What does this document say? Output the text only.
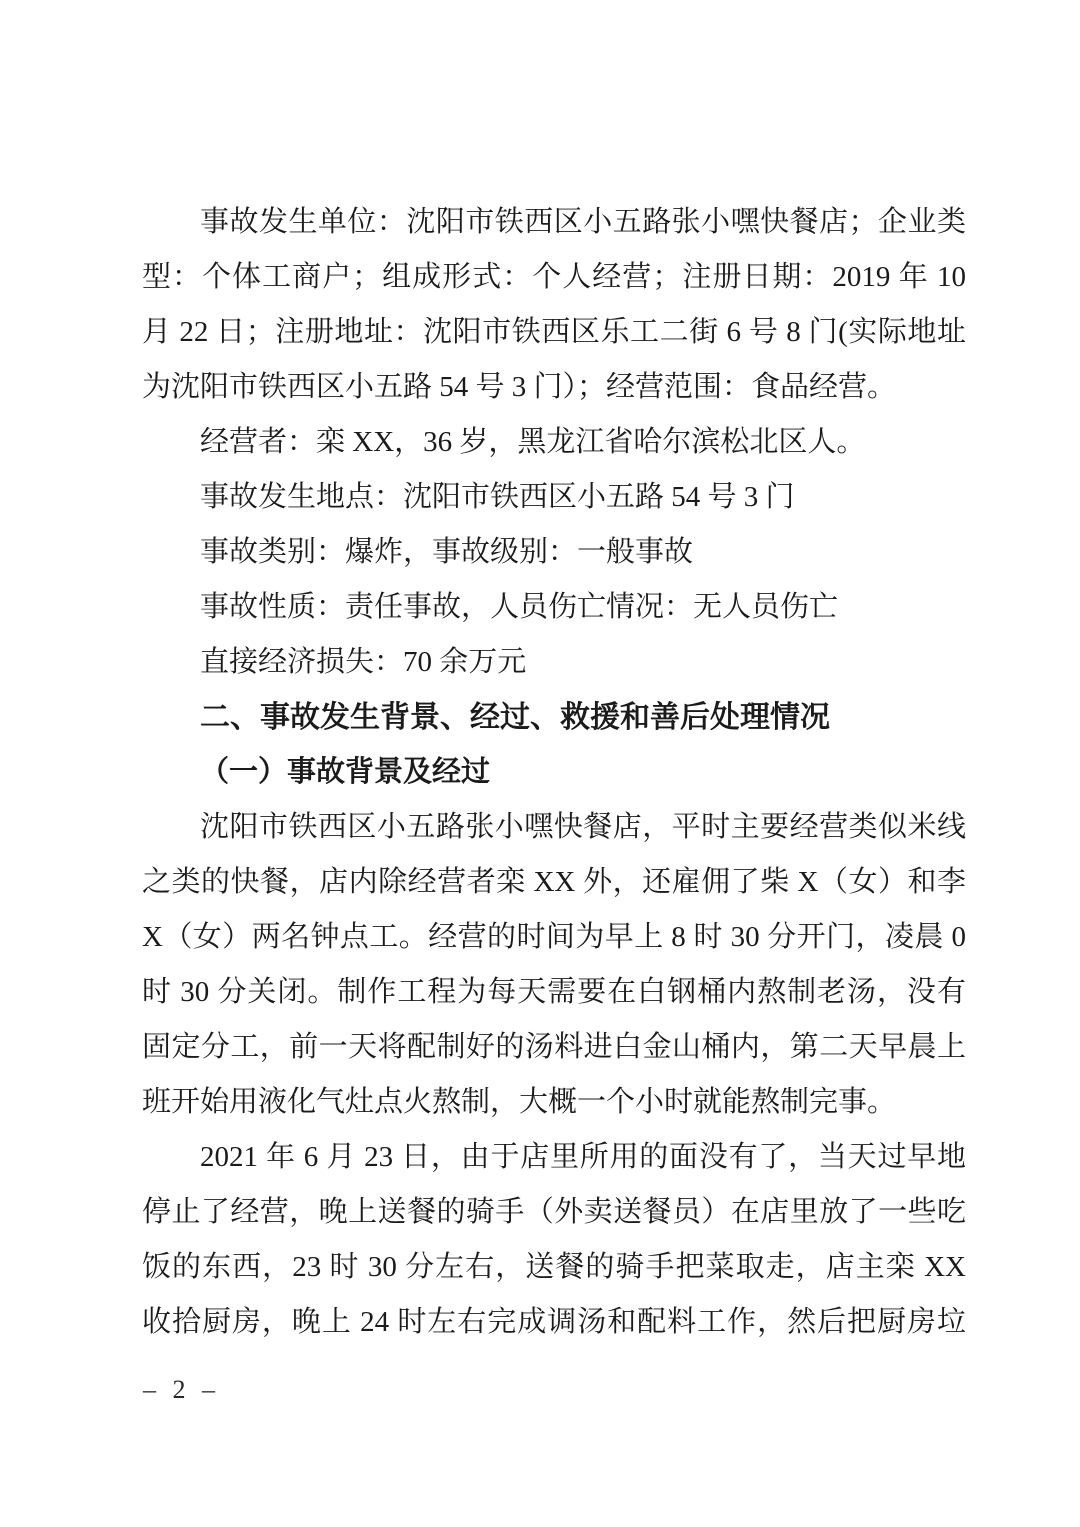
事故发生单位：沈阳市铁西区小五路张小嘿快餐店；企业类
型：个体工商户；组成形式：个人经营；注册日期：2019 年 10
月 22 日；注册地址：沈阳市铁西区乐工二街 6 号 8 门(实际地址
为沈阳市铁西区小五路 54 号 3 门）；经营范围：食品经营。
经营者：栾 XX，36 岁，黑龙江省哈尔滨松北区人。
事故发生地点：沈阳市铁西区小五路 54 号 3 门
事故类别：爆炸，事故级别：一般事故
事故性质：责任事故，人员伤亡情况：无人员伤亡
直接经济损失：70 余万元
二、事故发生背景、经过、救援和善后处理情况
（一）事故背景及经过
沈阳市铁西区小五路张小嘿快餐店，平时主要经营类似米线
之类的快餐，店内除经营者栾 XX 外，还雇佣了柴 X（女）和李
X（女）两名钟点工。经营的时间为早上 8 时 30 分开门，凌晨 0
时 30 分关闭。制作工程为每天需要在白钢桶内熬制老汤，没有
固定分工，前一天将配制好的汤料进白金山桶内，第二天早晨上
班开始用液化气灶点火熬制，大概一个小时就能熬制完事。
2021 年 6 月 23 日，由于店里所用的面没有了，当天过早地
停止了经营，晚上送餐的骑手（外卖送餐员）在店里放了一些吃
饭的东西，23 时 30 分左右，送餐的骑手把菜取走，店主栾 XX
收拾厨房，晚上 24 时左右完成调汤和配料工作，然后把厨房垃
– 2 –
